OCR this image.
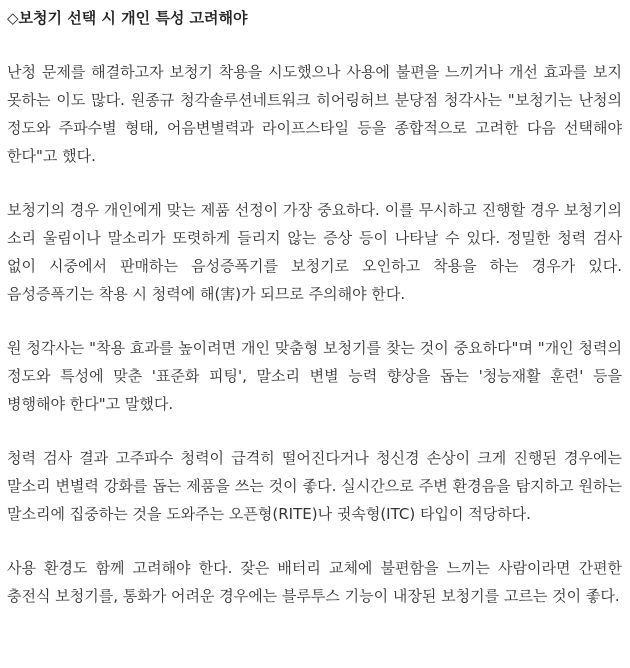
◇보청기 선택 시 개인 특성 고려해야

난청 문제를 해결하고자 보청기 착용을 시도했으나 사용에 불편을 느끼거나 개선 효과를 보지 못하는 이도 많다. 원종규 청각솔루션네트워크 히어링허브 분당점 청각사는 "보청기는 난청의 정도와 주파수별 형태, 어음변별력과 라이프스타일 등을 종합적으로 고려한 다음 선택해야 한다"고 했다.

보청기의 경우 개인에게 맞는 제품 선정이 가장 중요하다. 이를 무시하고 진행할 경우 보청기의 소리 울림이나 말소리가 또렷하게 들리지 않는 증상 등이 나타날 수 있다. 정밀한 청력 검사 없이 시중에서 판매하는 음성증폭기를 보청기로 오인하고 착용을 하는 경우가 있다. 음성증폭기는 착용 시 청력에 해(害)가 되므로 주의해야 한다.

원 청각사는 "착용 효과를 높이려면 개인 맞춤형 보청기를 찾는 것이 중요하다"며 "개인 청력의 정도와 특성에 맞춘 '표준화 피팅', 말소리 변별 능력 향상을 돕는 '청능재활 훈련' 등을 병행해야 한다"고 말했다.

청력 검사 결과 고주파수 청력이 급격히 떨어진다거나 청신경 손상이 크게 진행된 경우에는 말소리 변별력 강화를 돕는 제품을 쓰는 것이 좋다. 실시간으로 주변 환경음을 탐지하고 원하는 말소리에 집중하는 것을 도와주는 오픈형(RITE)나 귓속형(ITC) 타입이 적당하다.

사용 환경도 함께 고려해야 한다. 잦은 배터리 교체에 불편함을 느끼는 사람이라면 간편한 충전식 보청기를, 통화가 어려운 경우에는 블루투스 기능이 내장된 보청기를 고르는 것이 좋다.
